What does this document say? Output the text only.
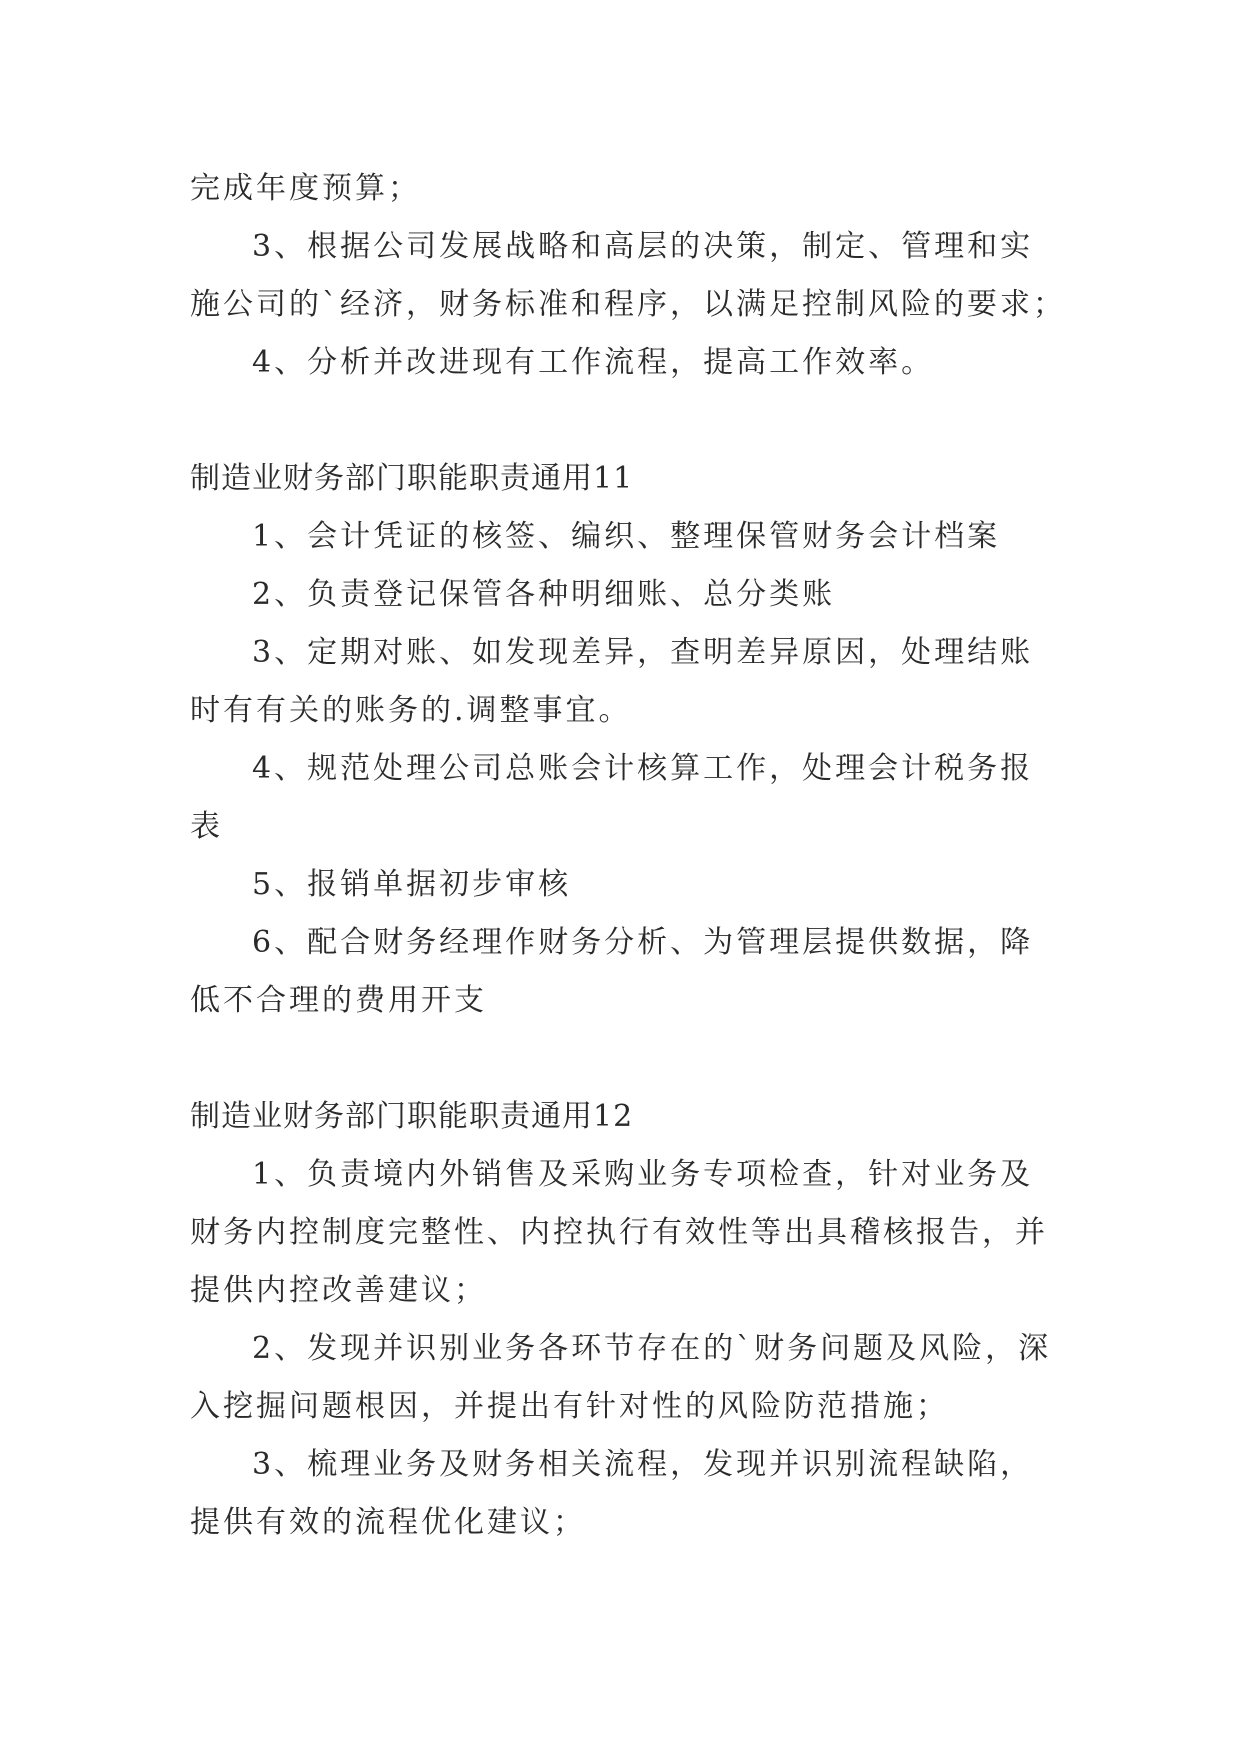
完成年度预算；
3、根据公司发展战略和高层的决策，制定、管理和实
施公司的`经济，财务标准和程序，以满足控制风险的要求；
4、分析并改进现有工作流程，提高工作效率。
制造业财务部门职能职责通用11
1、会计凭证的核签、编织、整理保管财务会计档案
2、负责登记保管各种明细账、总分类账
3、定期对账、如发现差异，查明差异原因，处理结账
时有有关的账务的.调整事宜。
4、规范处理公司总账会计核算工作，处理会计税务报
表
5、报销单据初步审核
6、配合财务经理作财务分析、为管理层提供数据，降
低不合理的费用开支
制造业财务部门职能职责通用12
1、负责境内外销售及采购业务专项检查，针对业务及
财务内控制度完整性、内控执行有效性等出具稽核报告，并
提供内控改善建议；
2、发现并识别业务各环节存在的`财务问题及风险，深
入挖掘问题根因，并提出有针对性的风险防范措施；
3、梳理业务及财务相关流程，发现并识别流程缺陷，
提供有效的流程优化建议；
